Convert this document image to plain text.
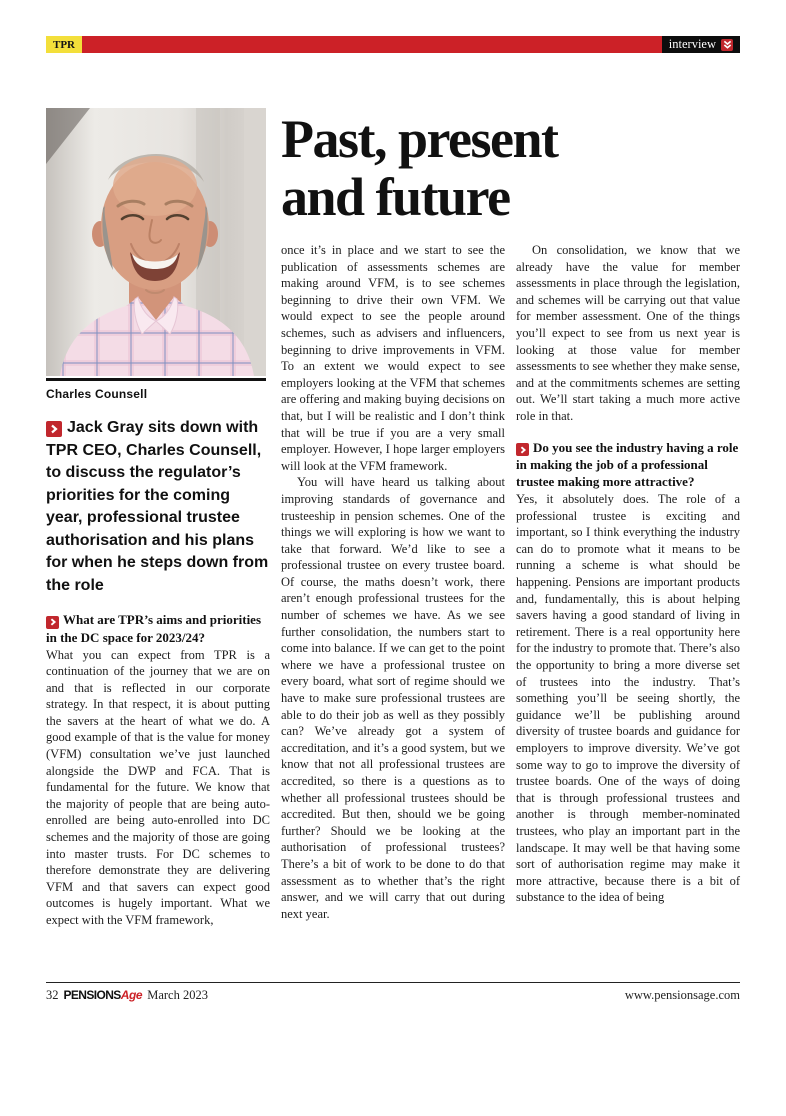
TPR	interview
Charles Counsell

Jack Gray sits down with TPR CEO, Charles Counsell, to discuss the regulator’s priorities for the coming year, professional trustee authorisation and his plans for when he steps down from the role

What are TPR’s aims and priorities in the DC space for 2023/24?

What you can expect from TPR is a continuation of the journey that we are on and that is reflected in our corporate strategy. In that respect, it is about putting the savers at the heart of what we do. A good example of that is the value for money (VFM) consultation we’ve just launched alongside the DWP and FCA. That is fundamental for the future. We know that the majority of people that are being auto-enrolled are being auto-enrolled into DC schemes and the majority of those are going into master trusts. For DC schemes to therefore demonstrate they are delivering VFM and that savers can expect good outcomes is hugely important. What we expect with the VFM framework,

Past, present
and future

once it’s in place and we start to see the publication of assessments schemes are making around VFM, is to see schemes beginning to drive their own VFM. We would expect to see the people around schemes, such as advisers and influencers, beginning to drive improvements in VFM. To an extent we would expect to see employers looking at the VFM that schemes are offering and making buying decisions on that, but I will be realistic and I don’t think that will be true if you are a very small employer. However, I hope larger employers will look at the VFM framework.

You will have heard us talking about improving standards of governance and trusteeship in pension schemes. One of the things we will exploring is how we want to take that forward. We’d like to see a professional trustee on every trustee board. Of course, the maths doesn’t work, there aren’t enough professional trustees for the number of schemes we have. As we see further consolidation, the numbers start to come into balance. If we can get to the point where we have a professional trustee on every board, what sort of regime should we have to make sure professional trustees are able to do their job as well as they possibly can? We’ve already got a system of accreditation, and it’s a good system, but we know that not all professional trustees are accredited, so there is a questions as to whether all professional trustees should be accredited. But then, should we be going further? Should we be looking at the authorisation of professional trustees? There’s a bit of work to be done to do that assessment as to whether that’s the right answer, and we will carry that out during next year.

On consolidation, we know that we already have the value for member assessments in place through the legislation, and schemes will be carrying out that value for member assessment. One of the things you’ll expect to see from us next year is looking at those value for member assessments to see whether they make sense, and at the commitments schemes are setting out. We’ll start taking a much more active role in that.

Do you see the industry having a role in making the job of a professional trustee making more attractive?

Yes, it absolutely does. The role of a professional trustee is exciting and important, so I think everything the industry can do to promote what it means to be running a scheme is what should be happening. Pensions are important products and, fundamentally, this is about helping savers having a good standard of living in retirement. There is a real opportunity here for the industry to promote that. There’s also the opportunity to bring a more diverse set of trustees into the industry. That’s something you’ll be seeing shortly, the guidance we’ll be publishing around diversity of trustee boards and guidance for employers to improve diversity. We’ve got some way to go to improve the diversity of trustee boards. One of the ways of doing that is through professional trustees and another is through member-nominated trustees, who play an important part in the landscape. It may well be that having some sort of authorisation regime may make it more attractive, because there is a bit of substance to the idea of being

32 PENSIONSAge March 2023	www.pensionsage.com
